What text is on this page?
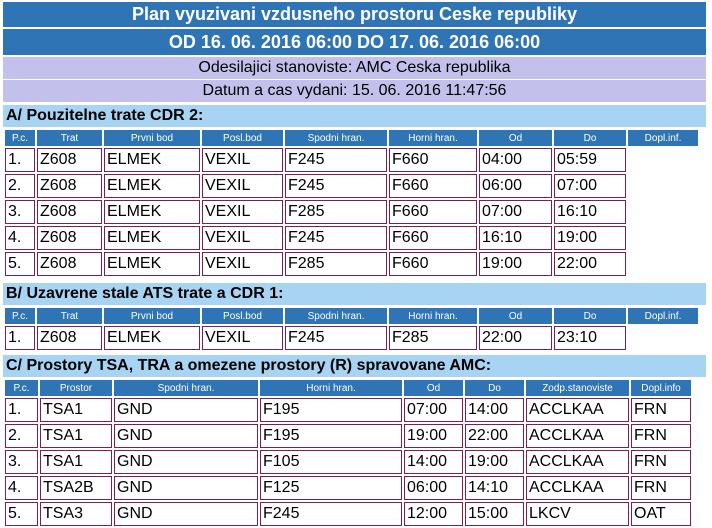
Plan vyuzivani vzdusneho prostoru Ceske republiky
OD 16. 06. 2016 06:00 DO 17. 06. 2016 06:00
Odesilajici stanoviste: AMC Ceska republika
Datum a cas vydani: 15. 06. 2016 11:47:56
A/ Pouzitelne trate CDR 2:
P.c.	Trat	Prvni bod	Posl.bod	Spodni hran.	Horni hran.	Od	Do	Dopl.inf.
1.	Z608	ELMEK	VEXIL	F245	F660	04:00	05:59	
2.	Z608	ELMEK	VEXIL	F245	F660	06:00	07:00	
3.	Z608	ELMEK	VEXIL	F285	F660	07:00	16:10	
4.	Z608	ELMEK	VEXIL	F245	F660	16:10	19:00	
5.	Z608	ELMEK	VEXIL	F285	F660	19:00	22:00	
B/ Uzavrene stale ATS trate a CDR 1:
P.c.	Trat	Prvni bod	Posl.bod	Spodni hran.	Horni hran.	Od	Do	Dopl.inf.
1.	Z608	ELMEK	VEXIL	F245	F285	22:00	23:10	
C/ Prostory TSA, TRA a omezene prostory (R) spravovane AMC:
P.c.	Prostor	Spodni hran.	Horni hran.	Od	Do	Zodp.stanoviste	Dopl.info
1.	TSA1	GND	F195	07:00	14:00	ACCLKAA	FRN
2.	TSA1	GND	F195	19:00	22:00	ACCLKAA	FRN
3.	TSA1	GND	F105	14:00	19:00	ACCLKAA	FRN
4.	TSA2B	GND	F125	06:00	14:10	ACCLKAA	FRN
5.	TSA3	GND	F245	12:00	15:00	LKCV	OAT
